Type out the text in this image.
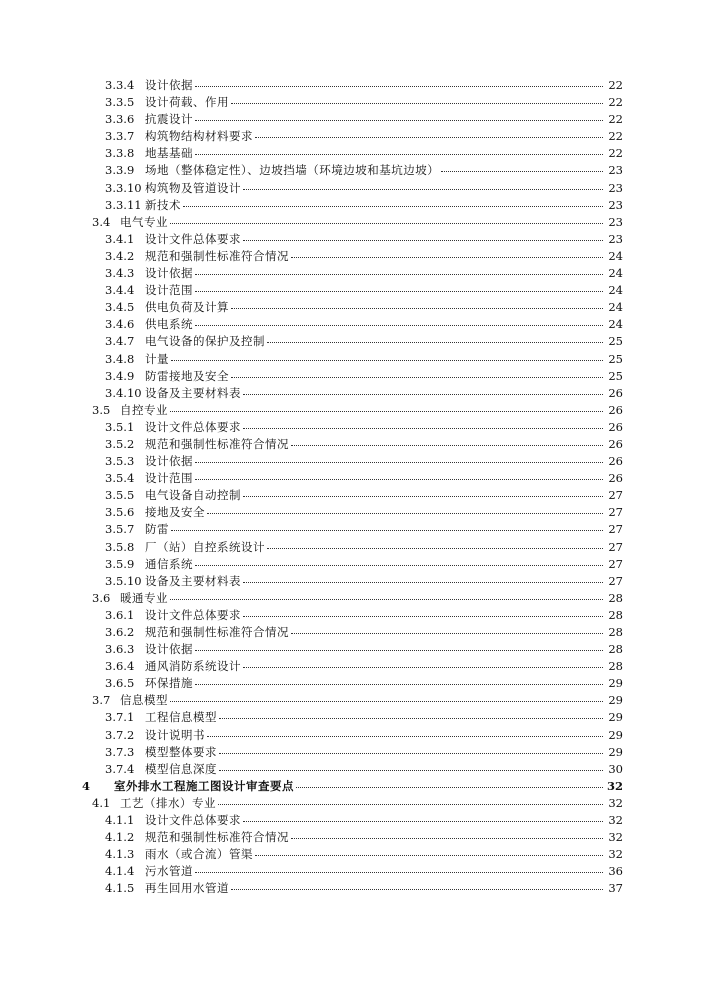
3.3.4 设计依据	22
3.3.5 设计荷载、作用	22
3.3.6 抗震设计	22
3.3.7 构筑物结构材料要求	22
3.3.8 地基基础	22
3.3.9 场地（整体稳定性）、边坡挡墙（环境边坡和基坑边坡）	23
3.3.10 构筑物及管道设计	23
3.3.11 新技术	23
3.4 电气专业	23
3.4.1 设计文件总体要求	23
3.4.2 规范和强制性标准符合情况	24
3.4.3 设计依据	24
3.4.4 设计范围	24
3.4.5 供电负荷及计算	24
3.4.6 供电系统	24
3.4.7 电气设备的保护及控制	25
3.4.8 计量	25
3.4.9 防雷接地及安全	25
3.4.10 设备及主要材料表	26
3.5 自控专业	26
3.5.1 设计文件总体要求	26
3.5.2 规范和强制性标准符合情况	26
3.5.3 设计依据	26
3.5.4 设计范围	26
3.5.5 电气设备自动控制	27
3.5.6 接地及安全	27
3.5.7 防雷	27
3.5.8 厂（站）自控系统设计	27
3.5.9 通信系统	27
3.5.10 设备及主要材料表	27
3.6 暖通专业	28
3.6.1 设计文件总体要求	28
3.6.2 规范和强制性标准符合情况	28
3.6.3 设计依据	28
3.6.4 通风消防系统设计	28
3.6.5 环保措施	29
3.7 信息模型	29
3.7.1 工程信息模型	29
3.7.2 设计说明书	29
3.7.3 模型整体要求	29
3.7.4 模型信息深度	30
4	室外排水工程施工图设计审查要点	32
4.1 工艺（排水）专业	32
4.1.1 设计文件总体要求	32
4.1.2 规范和强制性标准符合情况	32
4.1.3 雨水（或合流）管渠	32
4.1.4 污水管道	36
4.1.5 再生回用水管道	37
